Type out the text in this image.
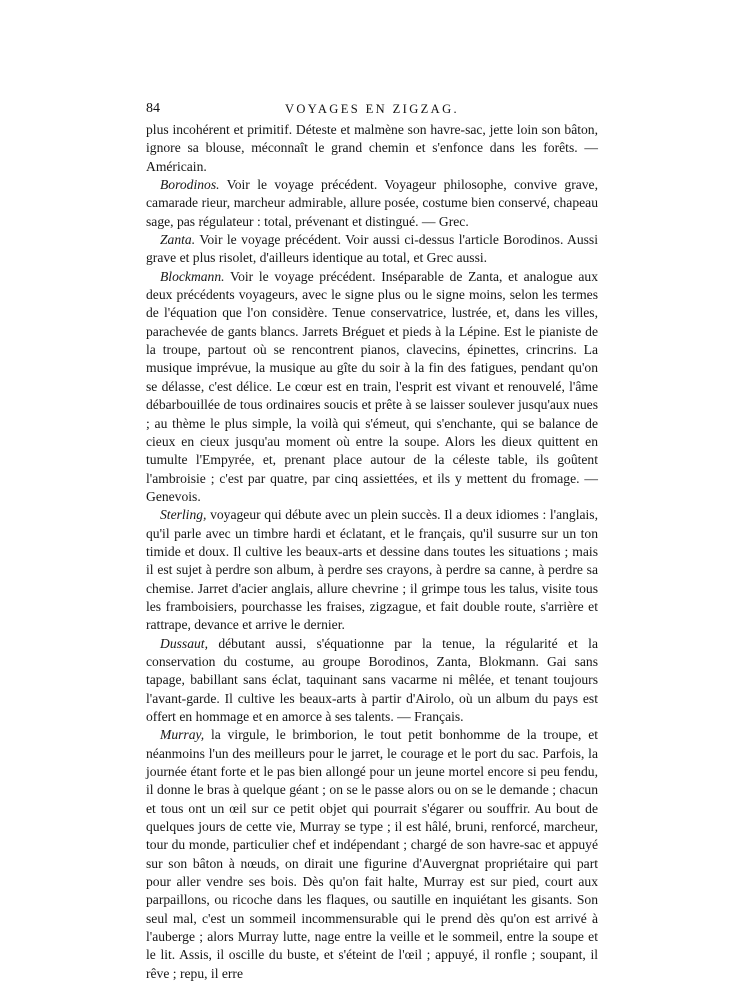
84	VOYAGES EN ZIGZAG.

plus incohérent et primitif. Déteste et malmène son havre-sac, jette loin son bâton, ignore sa blouse, méconnaît le grand chemin et s'enfonce dans les forêts. — Américain.

Borodinos. Voir le voyage précédent. Voyageur philosophe, convive grave, camarade rieur, marcheur admirable, allure posée, costume bien conservé, chapeau sage, pas régulateur : total, prévenant et distingué. — Grec.

Zanta. Voir le voyage précédent. Voir aussi ci-dessus l'article Borodinos. Aussi grave et plus risolet, d'ailleurs identique au total, et Grec aussi.

Blockmann. Voir le voyage précédent. Inséparable de Zanta, et analogue aux deux précédents voyageurs, avec le signe plus ou le signe moins, selon les termes de l'équation que l'on considère. Tenue conservatrice, lustrée, et, dans les villes, parachevée de gants blancs. Jarrets Bréguet et pieds à la Lépine. Est le pianiste de la troupe, partout où se rencontrent pianos, clavecins, épinettes, crincrins. La musique imprévue, la musique au gîte du soir à la fin des fatigues, pendant qu'on se délasse, c'est délice. Le cœur est en train, l'esprit est vivant et renouvelé, l'âme débarbouillée de tous ordinaires soucis et prête à se laisser soulever jusqu'aux nues ; au thème le plus simple, la voilà qui s'émeut, qui s'enchante, qui se balance de cieux en cieux jusqu'au moment où entre la soupe. Alors les dieux quittent en tumulte l'Empyrée, et, prenant place autour de la céleste table, ils goûtent l'ambroisie ; c'est par quatre, par cinq assiettées, et ils y mettent du fromage. — Genevois.

Sterling, voyageur qui débute avec un plein succès. Il a deux idiomes : l'anglais, qu'il parle avec un timbre hardi et éclatant, et le français, qu'il susurre sur un ton timide et doux. Il cultive les beaux-arts et dessine dans toutes les situations ; mais il est sujet à perdre son album, à perdre ses crayons, à perdre sa canne, à perdre sa chemise. Jarret d'acier anglais, allure chevrine ; il grimpe tous les talus, visite tous les framboisiers, pourchasse les fraises, zigzague, et fait double route, s'arrière et rattrape, devance et arrive le dernier.

Dussaut, débutant aussi, s'équationne par la tenue, la régularité et la conservation du costume, au groupe Borodinos, Zanta, Blokmann. Gai sans tapage, babillant sans éclat, taquinant sans vacarme ni mêlée, et tenant toujours l'avant-garde. Il cultive les beaux-arts à partir d'Airolo, où un album du pays est offert en hommage et en amorce à ses talents. — Français.

Murray, la virgule, le brimborion, le tout petit bonhomme de la troupe, et néanmoins l'un des meilleurs pour le jarret, le courage et le port du sac. Parfois, la journée étant forte et le pas bien allongé pour un jeune mortel encore si peu fendu, il donne le bras à quelque géant ; on se le passe alors ou on se le demande ; chacun et tous ont un œil sur ce petit objet qui pourrait s'égarer ou souffrir. Au bout de quelques jours de cette vie, Murray se type ; il est hâlé, bruni, renforcé, marcheur, tour du monde, particulier chef et indépendant ; chargé de son havre-sac et appuyé sur son bâton à nœuds, on dirait une figurine d'Auvergnat propriétaire qui part pour aller vendre ses bois. Dès qu'on fait halte, Murray est sur pied, court aux parpaillons, ou ricoche dans les flaques, ou sautille en inquiétant les gisants. Son seul mal, c'est un sommeil incommensurable qui le prend dès qu'on est arrivé à l'auberge ; alors Murray lutte, nage entre la veille et le sommeil, entre la soupe et le lit. Assis, il oscille du buste, et s'éteint de l'œil ; appuyé, il ronfle ; soupant, il rêve ; repu, il erre
